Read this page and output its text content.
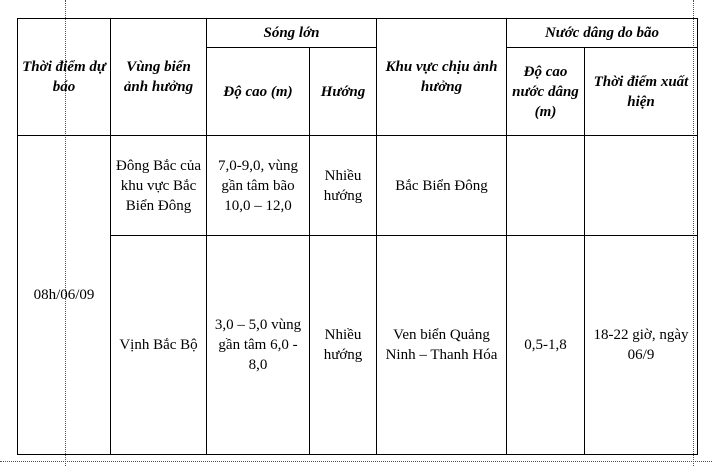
Thời điểm dự báo	Vùng biển ảnh hưởng	Sóng lớn		Khu vực chịu ảnh hưởng	Nước dâng do bão	
		Độ cao (m)	Hướng		Độ cao nước dâng (m)	Thời điểm xuất hiện
08h/06/09	Đông Bắc của khu vực Bắc Biển Đông	7,0-9,0, vùng gần tâm bão 10,0 – 12,0	Nhiều hướng	Bắc Biển Đông		
	Vịnh Bắc Bộ	3,0 – 5,0 vùng gần tâm 6,0 - 8,0	Nhiều hướng	Ven biển Quảng Ninh – Thanh Hóa	0,5-1,8	18-22 giờ, ngày 06/9
